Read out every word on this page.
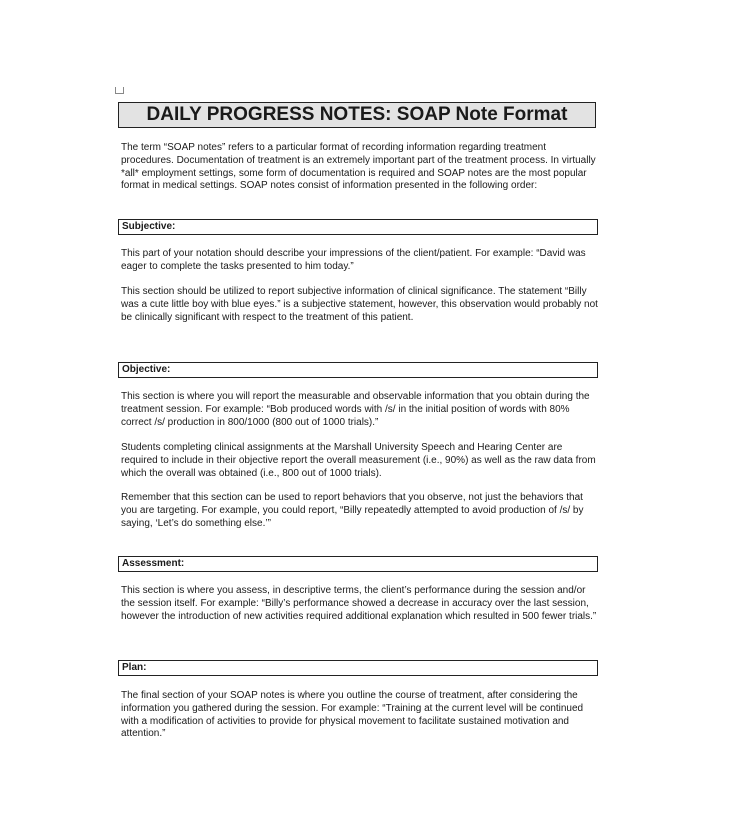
DAILY PROGRESS NOTES: SOAP Note Format

The term “SOAP notes” refers to a particular format of recording information regarding treatment procedures. Documentation of treatment is an extremely important part of the treatment process. In virtually *all* employment settings, some form of documentation is required and SOAP notes are the most popular format in medical settings. SOAP notes consist of information presented in the following order:

Subjective:

This part of your notation should describe your impressions of the client/patient. For example: “David was eager to complete the tasks presented to him today.”

This section should be utilized to report subjective information of clinical significance. The statement “Billy was a cute little boy with blue eyes.” is a subjective statement, however, this observation would probably not be clinically significant with respect to the treatment of this patient.

Objective:

This section is where you will report the measurable and observable information that you obtain during the treatment session. For example: “Bob produced words with /s/ in the initial position of words with 80% correct /s/ production in 800/1000 (800 out of 1000 trials).”

Students completing clinical assignments at the Marshall University Speech and Hearing Center are required to include in their objective report the overall measurement (i.e., 90%) as well as the raw data from which the overall was obtained (i.e., 800 out of 1000 trials).

Remember that this section can be used to report behaviors that you observe, not just the behaviors that you are targeting. For example, you could report, “Billy repeatedly attempted to avoid production of /s/ by saying, ‘Let’s do something else.’”

Assessment:

This section is where you assess, in descriptive terms, the client’s performance during the session and/or the session itself. For example: “Billy’s performance showed a decrease in accuracy over the last session, however the introduction of new activities required additional explanation which resulted in 500 fewer trials.”

Plan:

The final section of your SOAP notes is where you outline the course of treatment, after considering the information you gathered during the session. For example: “Training at the current level will be continued with a modification of activities to provide for physical movement to facilitate sustained motivation and attention.”
